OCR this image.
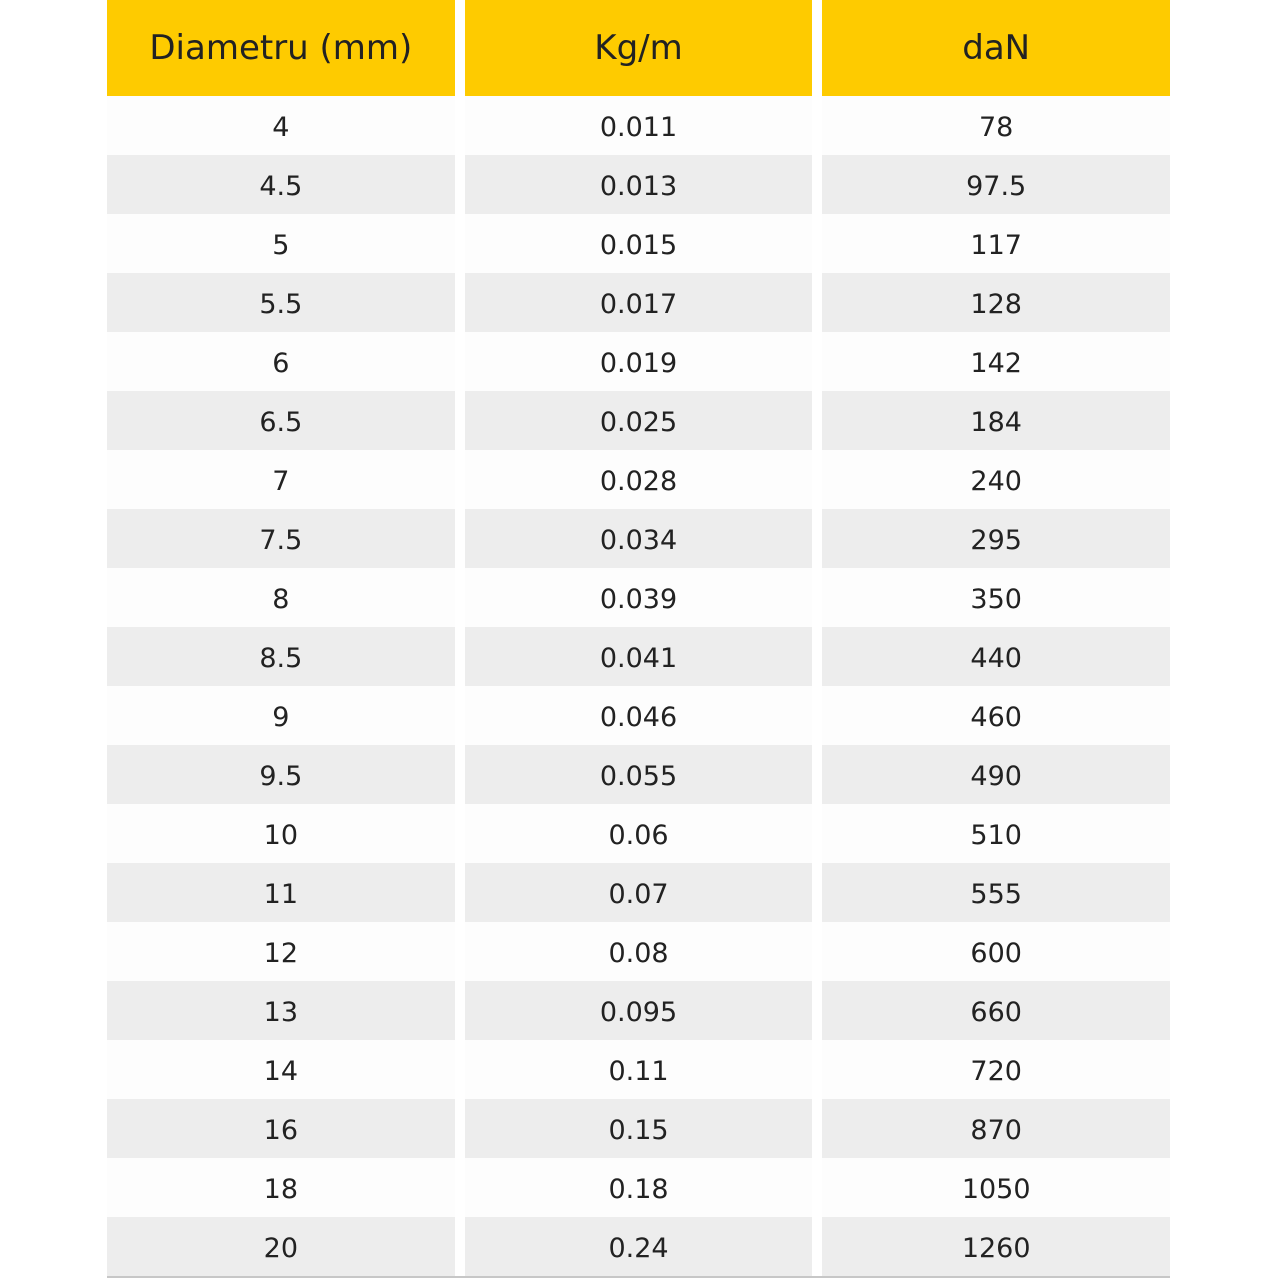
Diametru (mm)	Kg/m	daN
4	0.011	78
4.5	0.013	97.5
5	0.015	117
5.5	0.017	128
6	0.019	142
6.5	0.025	184
7	0.028	240
7.5	0.034	295
8	0.039	350
8.5	0.041	440
9	0.046	460
9.5	0.055	490
10	0.06	510
11	0.07	555
12	0.08	600
13	0.095	660
14	0.11	720
16	0.15	870
18	0.18	1050
20	0.24	1260
